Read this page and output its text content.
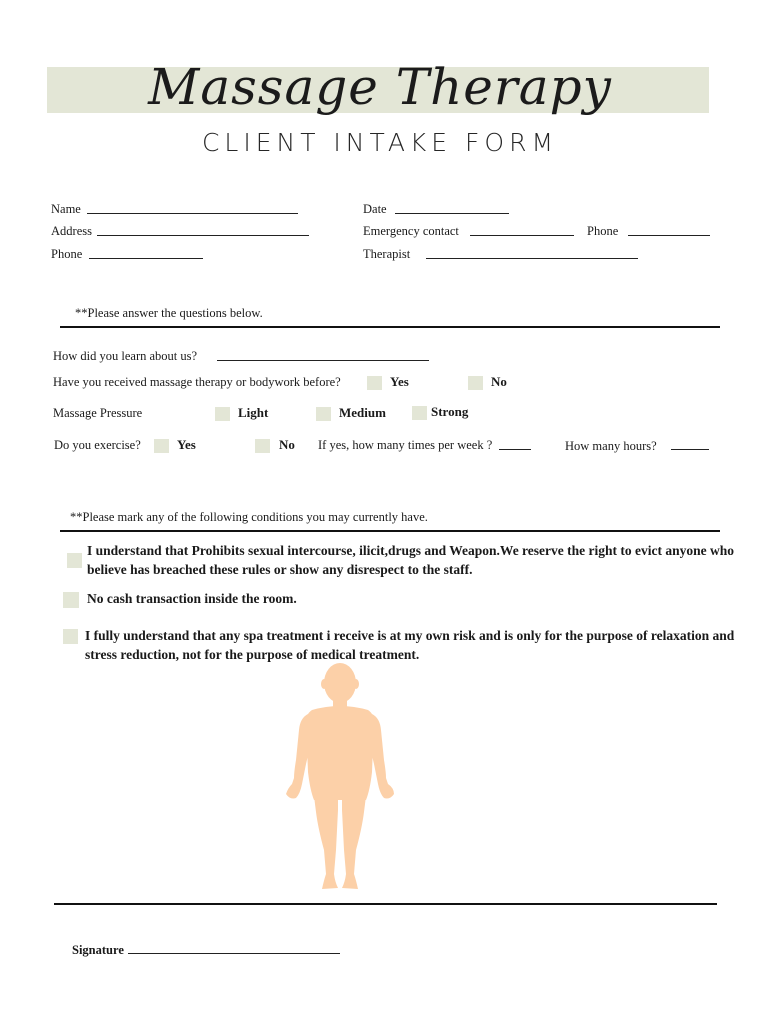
Massage Therapy
CLIENT INTAKE FORM
Name	Date
Address	Emergency contact	Phone
Phone	Therapist
**Please answer the questions below.
How did you learn about us?
Have you received massage therapy or bodywork before?	Yes	No
Massage Pressure	Light	Medium	Strong
Do you exercise?	Yes	No If yes, how many times per week ?	How many hours?
**Please mark any of the following conditions you may currently have.
I understand that Prohibits sexual intercourse, ilicit,drugs and Weapon.We reserve the right to evict anyone who
believe has breached these rules or show any disrespect to the staff.
No cash transaction inside the room.
I fully understand that any spa treatment i receive is at my own risk and is only for the purpose of relaxation and
stress reduction, not for the purpose of medical treatment.
Signature
